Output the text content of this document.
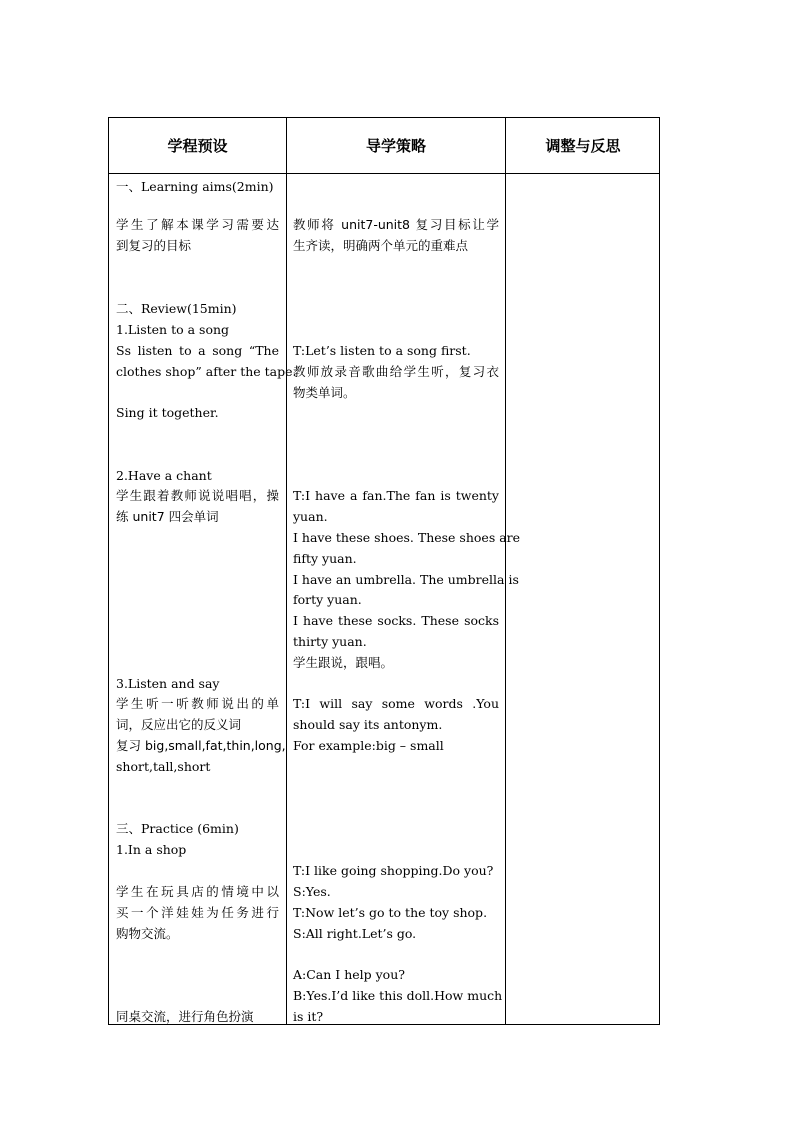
学程预设	导学策略	调整与反思
一、Learning aims(2min)
学生了解本课学习需要达
到复习的目标
二、Review(15min)
1.Listen to a song
Ss listen to a song “The
clothes shop” after the tape.
Sing it together.
2.Have a chant
学生跟着教师说说唱唱，操
练 unit7 四会单词
3.Listen and say
学生听一听教师说出的单
词，反应出它的反义词
复习 big,small,fat,thin,long,
short,tall,short
三、Practice (6min)
1.In a shop
学生在玩具店的情境中以
买一个洋娃娃为任务进行
购物交流。
同桌交流，进行角色扮演
教师将 unit7-unit8 复习目标让学
生齐读，明确两个单元的重难点
T:Let’s listen to a song first.
教师放录音歌曲给学生听，复习衣
物类单词。
T:I have a fan.The fan is twenty
yuan.
I have these shoes. These shoes are
fifty yuan.
I have an umbrella. The umbrella is
forty yuan.
I have these socks. These socks
thirty yuan.
学生跟说，跟唱。
T:I will say some words .You
should say its antonym.
For example:big – small
T:I like going shopping.Do you?
S:Yes.
T:Now let’s go to the toy shop.
S:All right.Let’s go.
A:Can I help you?
B:Yes.I’d like this doll.How much
is it?
